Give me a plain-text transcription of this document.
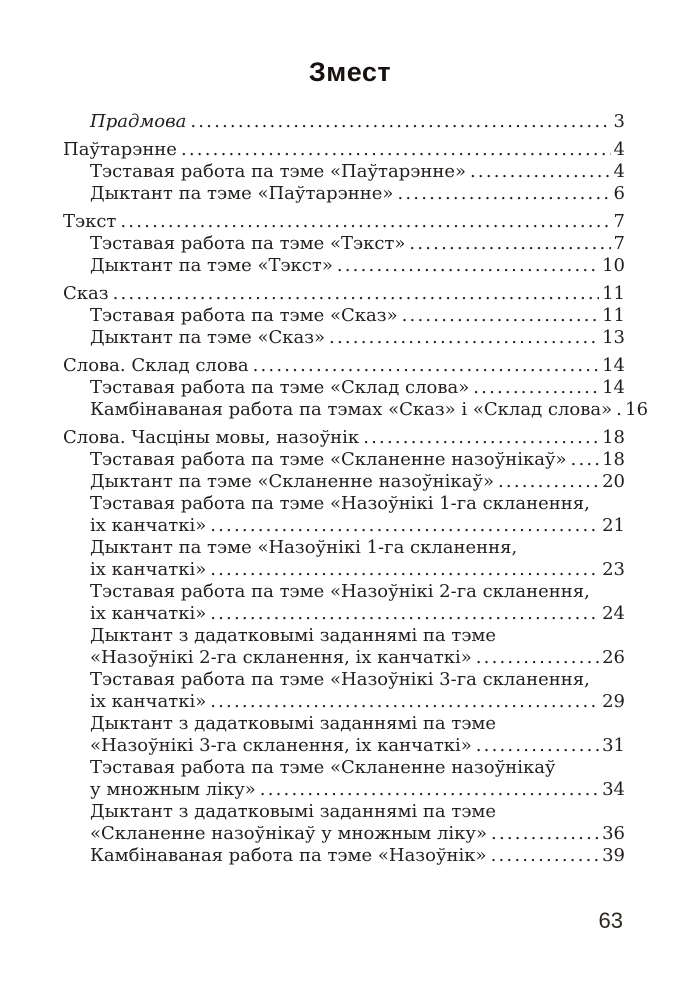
Змест
Прадмова .....	3
Паўтарэнне .....	4
Тэставая работа па тэме «Паўтарэнне» .....	4
Дыктант па тэме «Паўтарэнне» .....	6
Тэкст .....	7
Тэставая работа па тэме «Тэкст» .....	7
Дыктант па тэме «Тэкст» .....	10
Сказ .....	11
Тэставая работа па тэме «Сказ» .....	11
Дыктант па тэме «Сказ» .....	13
Слова. Склад слова .....	14
Тэставая работа па тэме «Склад слова» .....	14
Камбінаваная работа па тэмах «Сказ» і «Склад слова» ..... 16
Слова. Часціны мовы, назоўнік .....	18
Тэставая работа па тэме «Скланенне назоўнікаў» ..... 18
Дыктант па тэме «Скланенне назоўнікаў» .....	20
Тэставая работа па тэме «Назоўнікі 1-га скланення,
іх канчаткі» .....	21
Дыктант па тэме «Назоўнікі 1-га скланення,
іх канчаткі» .....	23
Тэставая работа па тэме «Назоўнікі 2-га скланення,
іх канчаткі» .....	24
Дыктант з дадатковымі заданнямі па тэме
«Назоўнікі 2-га скланення, іх канчаткі» .....	26
Тэставая работа па тэме «Назоўнікі 3-га скланення,
іх канчаткі» .....	29
Дыктант з дадатковымі заданнямі па тэме
«Назоўнікі 3-га скланення, іх канчаткі» .....	31
Тэставая работа па тэме «Скланенне назоўнікаў
у множным ліку» .....	34
Дыктант з дадатковымі заданнямі па тэме
«Скланенне назоўнікаў у множным ліку» .....	36
Камбінаваная работа па тэме «Назоўнік» .....	39
63
